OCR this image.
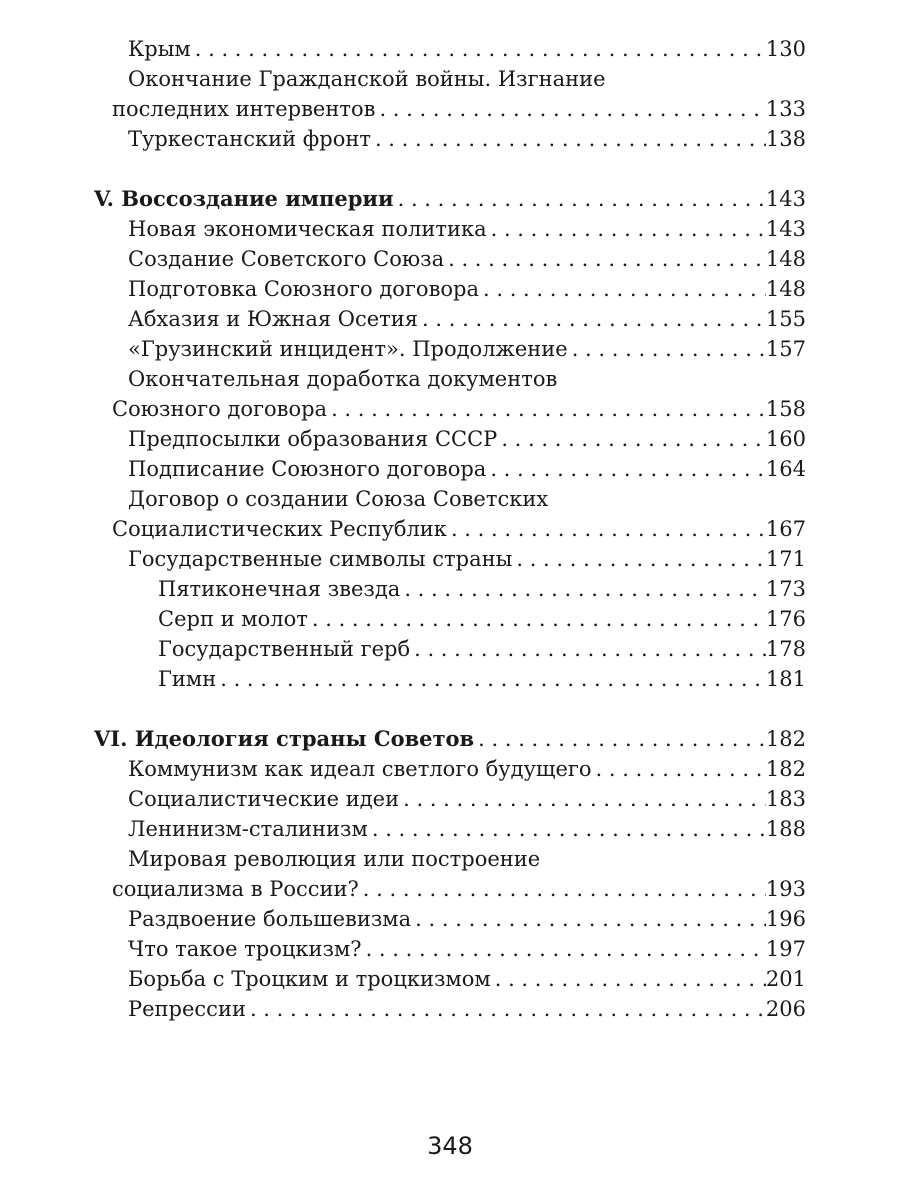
Крым . . .	130
Окончание Гражданской войны. Изгнание
последних интервентов . . .	133
Туркестанский фронт . . .	138
V. Воссоздание империи . . .	143
Новая экономическая политика . . .	143
Создание Советского Союза . . .	148
Подготовка Союзного договора . . .	148
Абхазия и Южная Осетия . . .	155
«Грузинский инцидент». Продолжение . . .	157
Окончательная доработка документов
Союзного договора . . .	158
Предпосылки образования СССР . . .	160
Подписание Союзного договора . . .	164
Договор о создании Союза Советских
Социалистических Республик . . .	167
Государственные символы страны . . .	171
Пятиконечная звезда . . .	173
Серп и молот . . .	176
Государственный герб . . .	178
Гимн . . .	181
VI. Идеология страны Советов . . .	182
Коммунизм как идеал светлого будущего . . .	182
Социалистические идеи . . .	183
Ленинизм-сталинизм . . .	188
Мировая революция или построение
социализма в России? . . .	193
Раздвоение большевизма . . .	196
Что такое троцкизм? . . .	197
Борьба с Троцким и троцкизмом . . .	201
Репрессии . . .	206
348
